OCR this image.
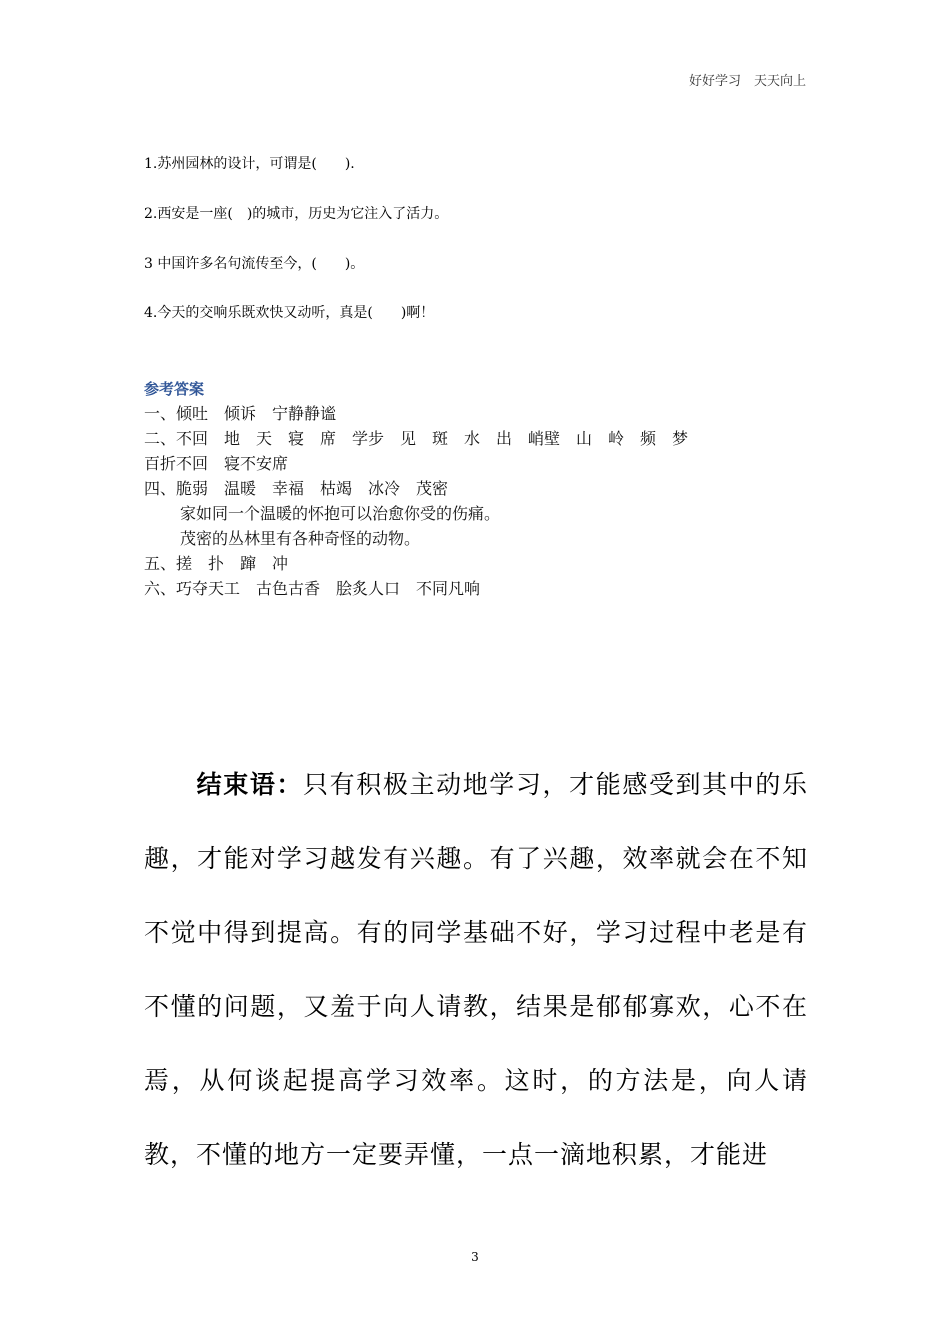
好好学习　天天向上
1.苏州园林的设计，可谓是(　　).
2.西安是一座(　)的城市，历史为它注入了活力。
3 中国许多名句流传至今，(　　)。
4.今天的交响乐既欢快又动听，真是(　　)啊！
参考答案
一、倾吐　倾诉　宁静静谧
二、不回　地　天　寝　席　学步　见　斑　水　出　峭壁　山　岭　频　梦
百折不回　寝不安席
四、脆弱　温暖　幸福　枯竭　冰冷　茂密
家如同一个温暖的怀抱可以治愈你受的伤痛。
茂密的丛林里有各种奇怪的动物。
五、搓　扑　蹿　冲
六、巧夺天工　古色古香　脍炙人口　不同凡响
结束语：只有积极主动地学习，才能感受到其中的乐趣，才能对学习越发有兴趣。有了兴趣，效率就会在不知不觉中得到提高。有的同学基础不好，学习过程中老是有不懂的问题，又羞于向人请教，结果是郁郁寡欢，心不在焉，从何谈起提高学习效率。这时，的方法是，向人请教，不懂的地方一定要弄懂，一点一滴地积累，才能进
3
